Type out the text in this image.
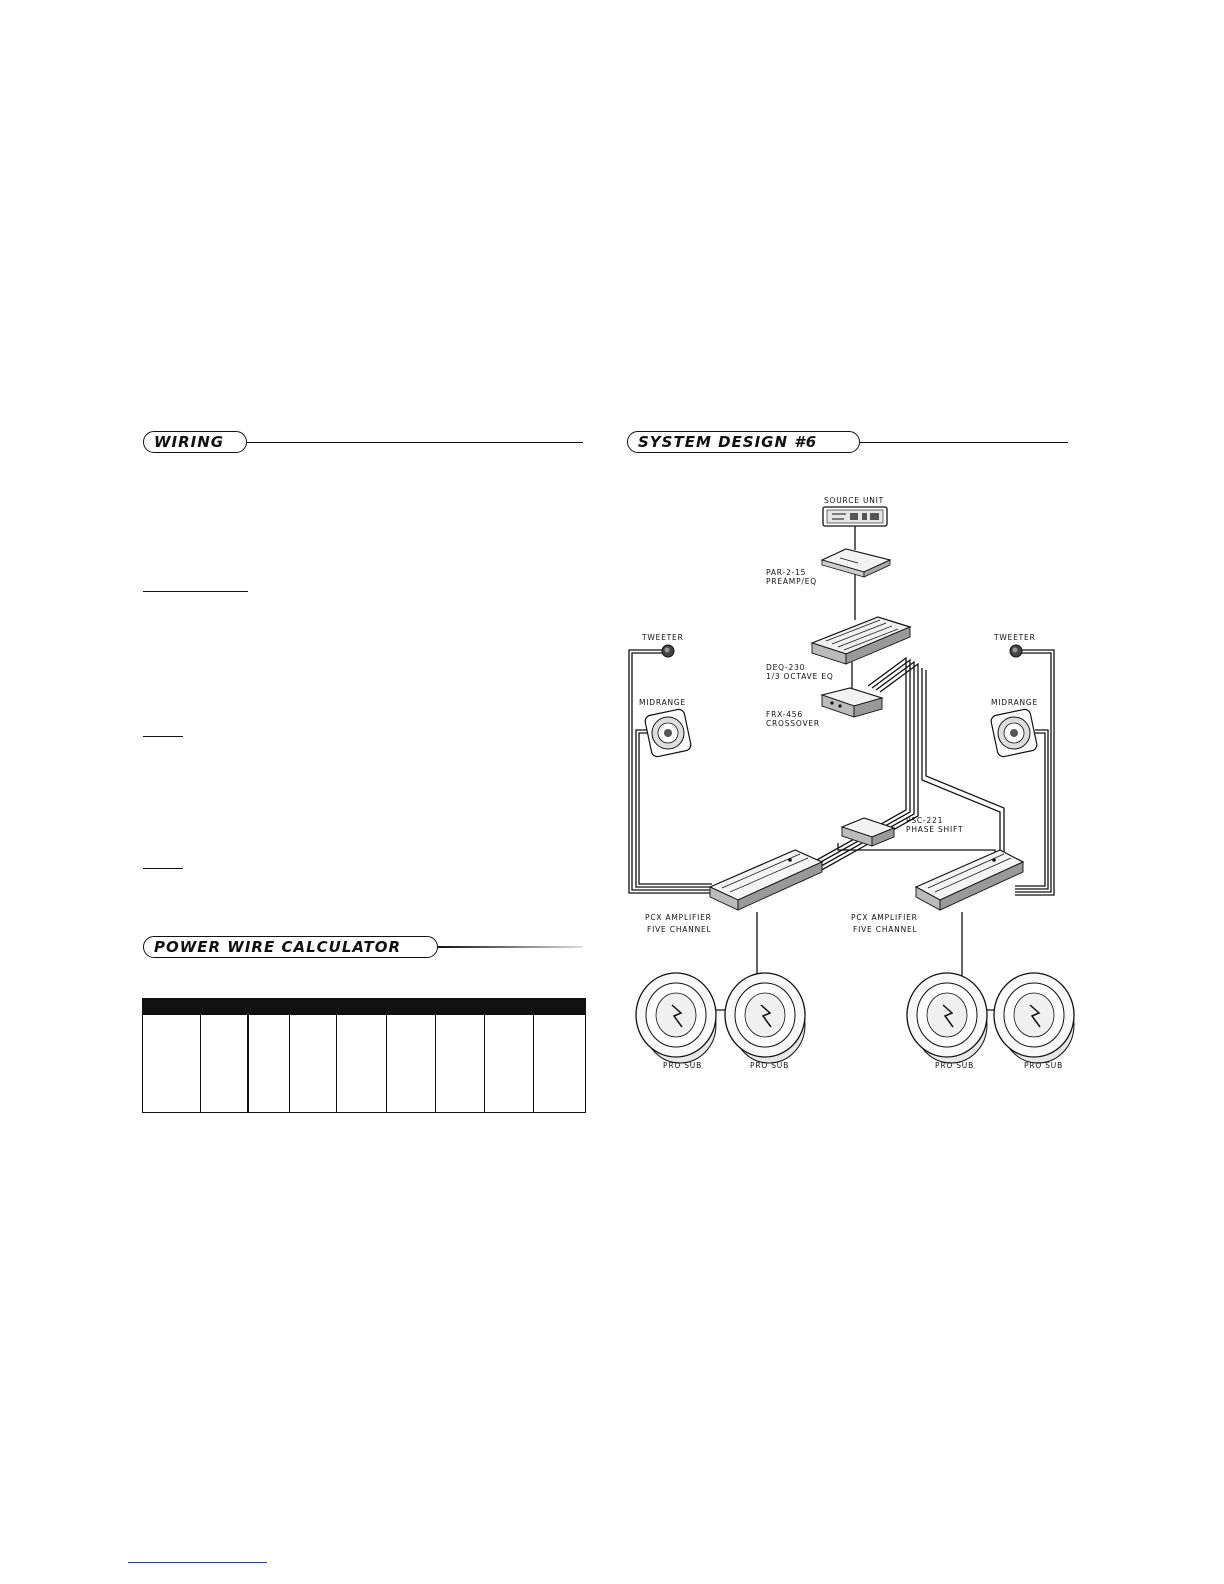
WIRING
POWER WIRE CALCULATOR
SYSTEM DESIGN #6
SOURCE UNIT
PAR-2-15
PREAMP/EQ
DEQ-230
1/3 OCTAVE EQ
FRX-456
CROSSOVER
PSC-221
PHASE SHIFT
TWEETER	TWEETER
MIDRANGE	MIDRANGE
PCX AMPLIFIER
FIVE CHANNEL
PCX AMPLIFIER
FIVE CHANNEL
PRO SUB	PRO SUB	PRO SUB	PRO SUB
